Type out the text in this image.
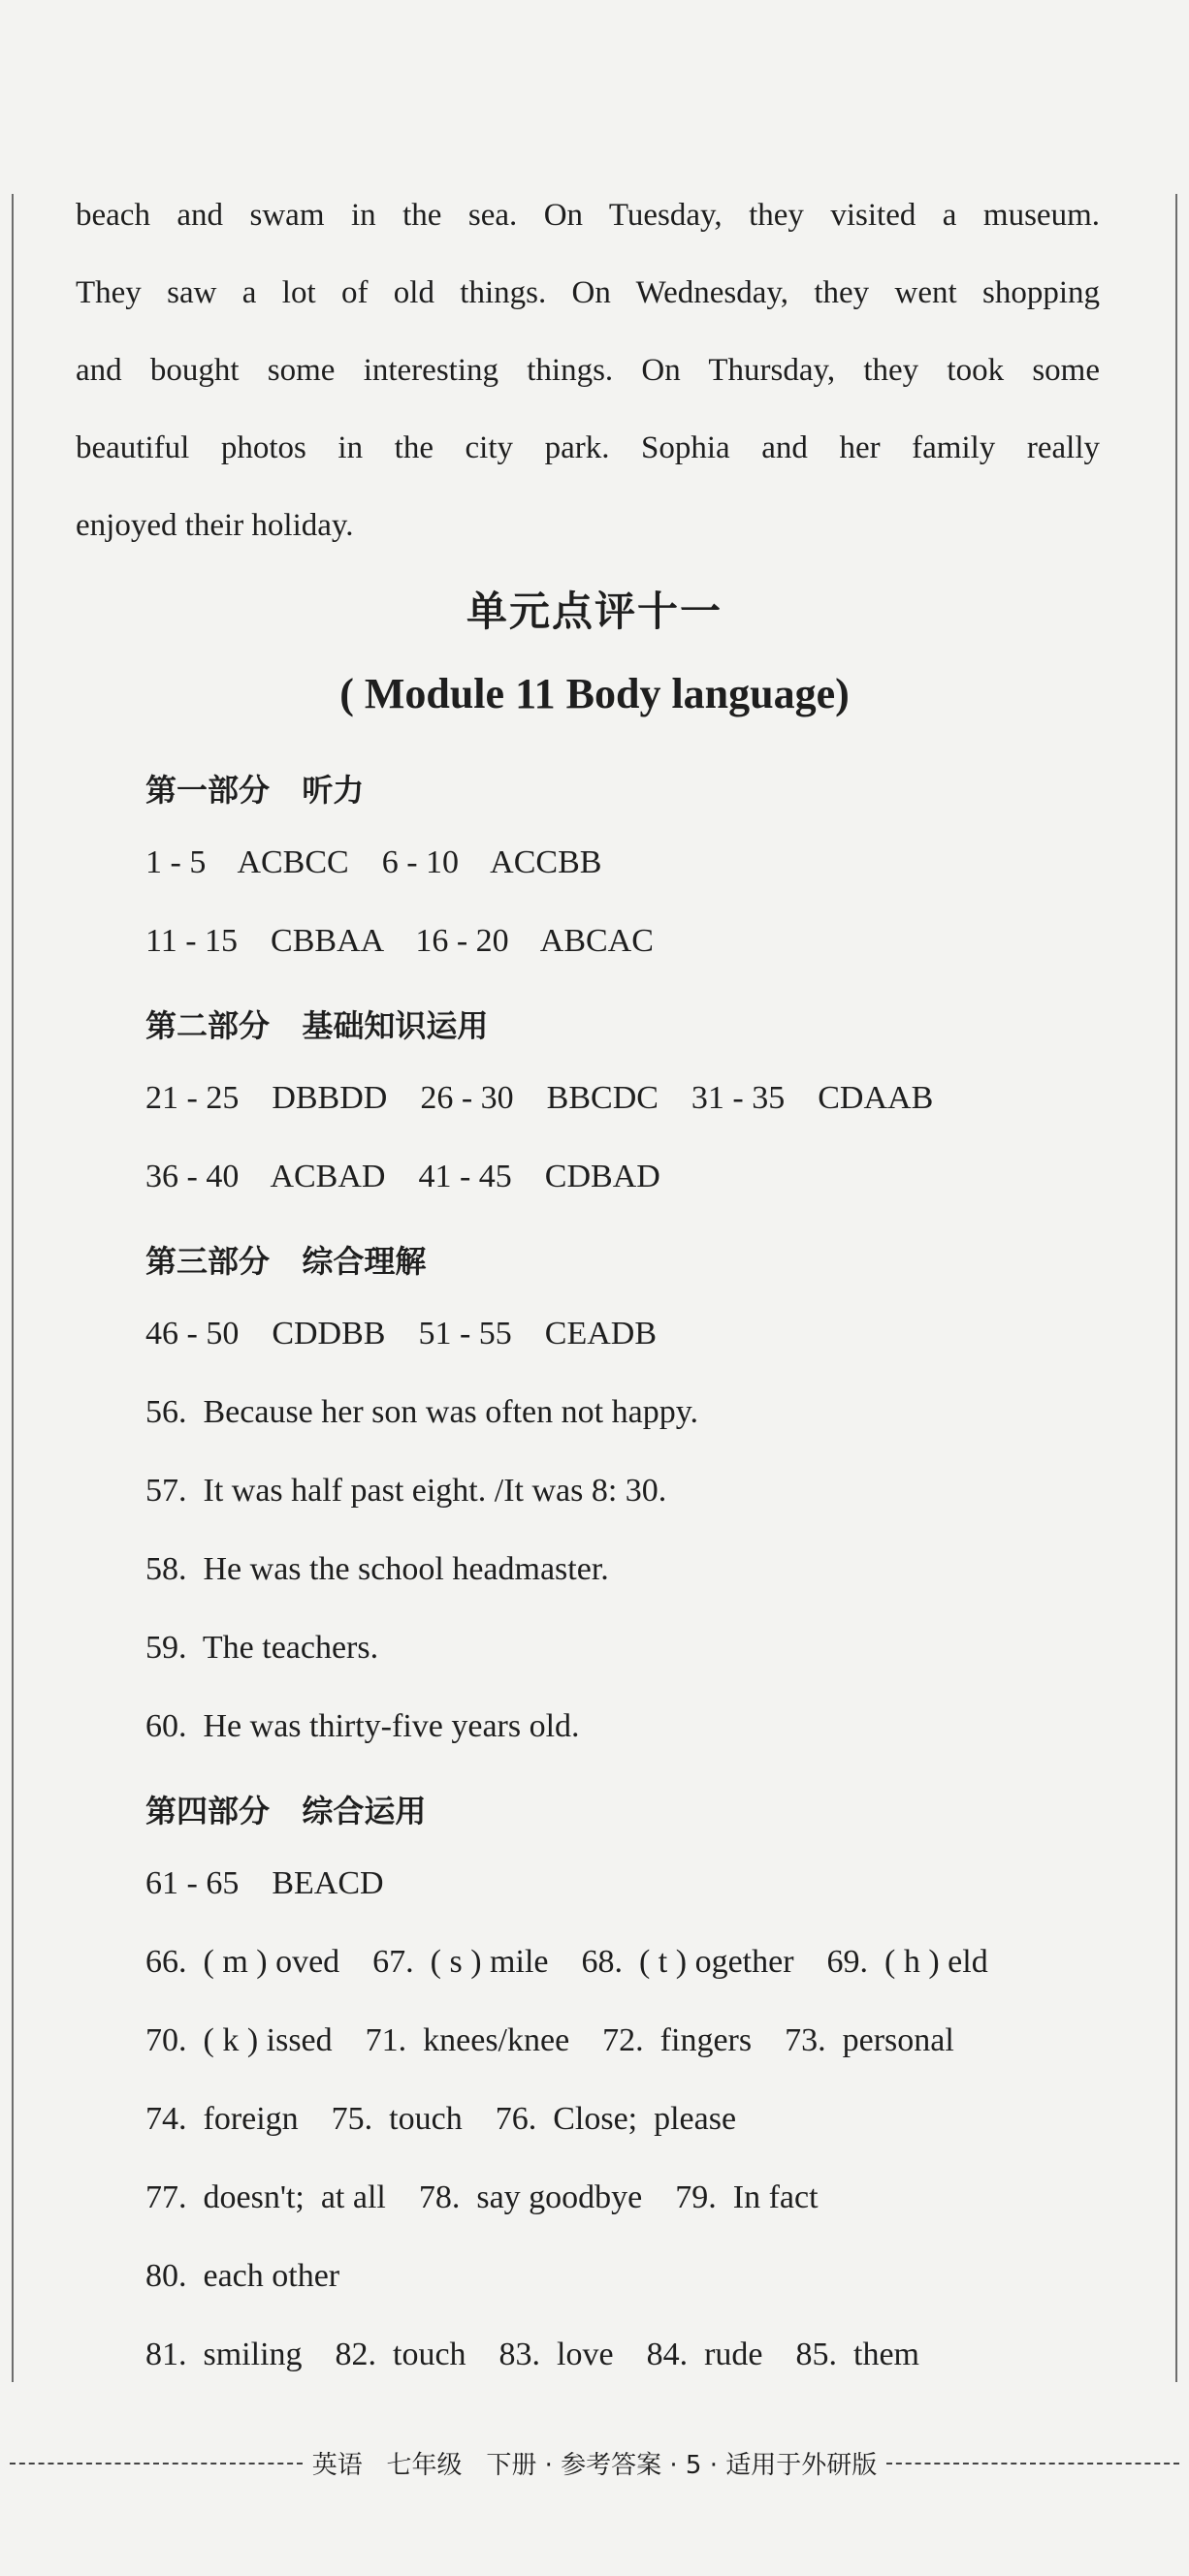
beach and swam in the sea. On Tuesday, they visited a museum.
They saw a lot of old things. On Wednesday, they went shopping
and bought some interesting things. On Thursday, they took some
beautiful photos in the city park. Sophia and her family really
enjoyed their holiday.
单元点评十一
( Module 11 Body language)
第一部分   听力
1 - 5    ACBCC    6 - 10    ACCBB
11 - 15    CBBAA    16 - 20    ABCAC
第二部分   基础知识运用
21 - 25    DBBDD    26 - 30    BBCDC    31 - 35    CDAAB
36 - 40    ACBAD    41 - 45    CDBAD
第三部分   综合理解
46 - 50    CDDBB    51 - 55    CEADB
56.  Because her son was often not happy.
57.  It was half past eight. /It was 8: 30.
58.  He was the school headmaster.
59.  The teachers.
60.  He was thirty-five years old.
第四部分   综合运用
61 - 65    BEACD
66.  ( m ) oved    67.  ( s ) mile    68.  ( t ) ogether    69.  ( h ) eld
70.  ( k ) issed    71.  knees/knee    72.  fingers    73.  personal
74.  foreign    75.  touch    76.  Close;  please
77.  doesn't;  at all    78.  say goodbye    79.  In fact
80.  each other
81.  smiling    82.  touch    83.  love    84.  rude    85.  them
英语   七年级   下册 · 参考答案 · 5 · 适用于外研版
